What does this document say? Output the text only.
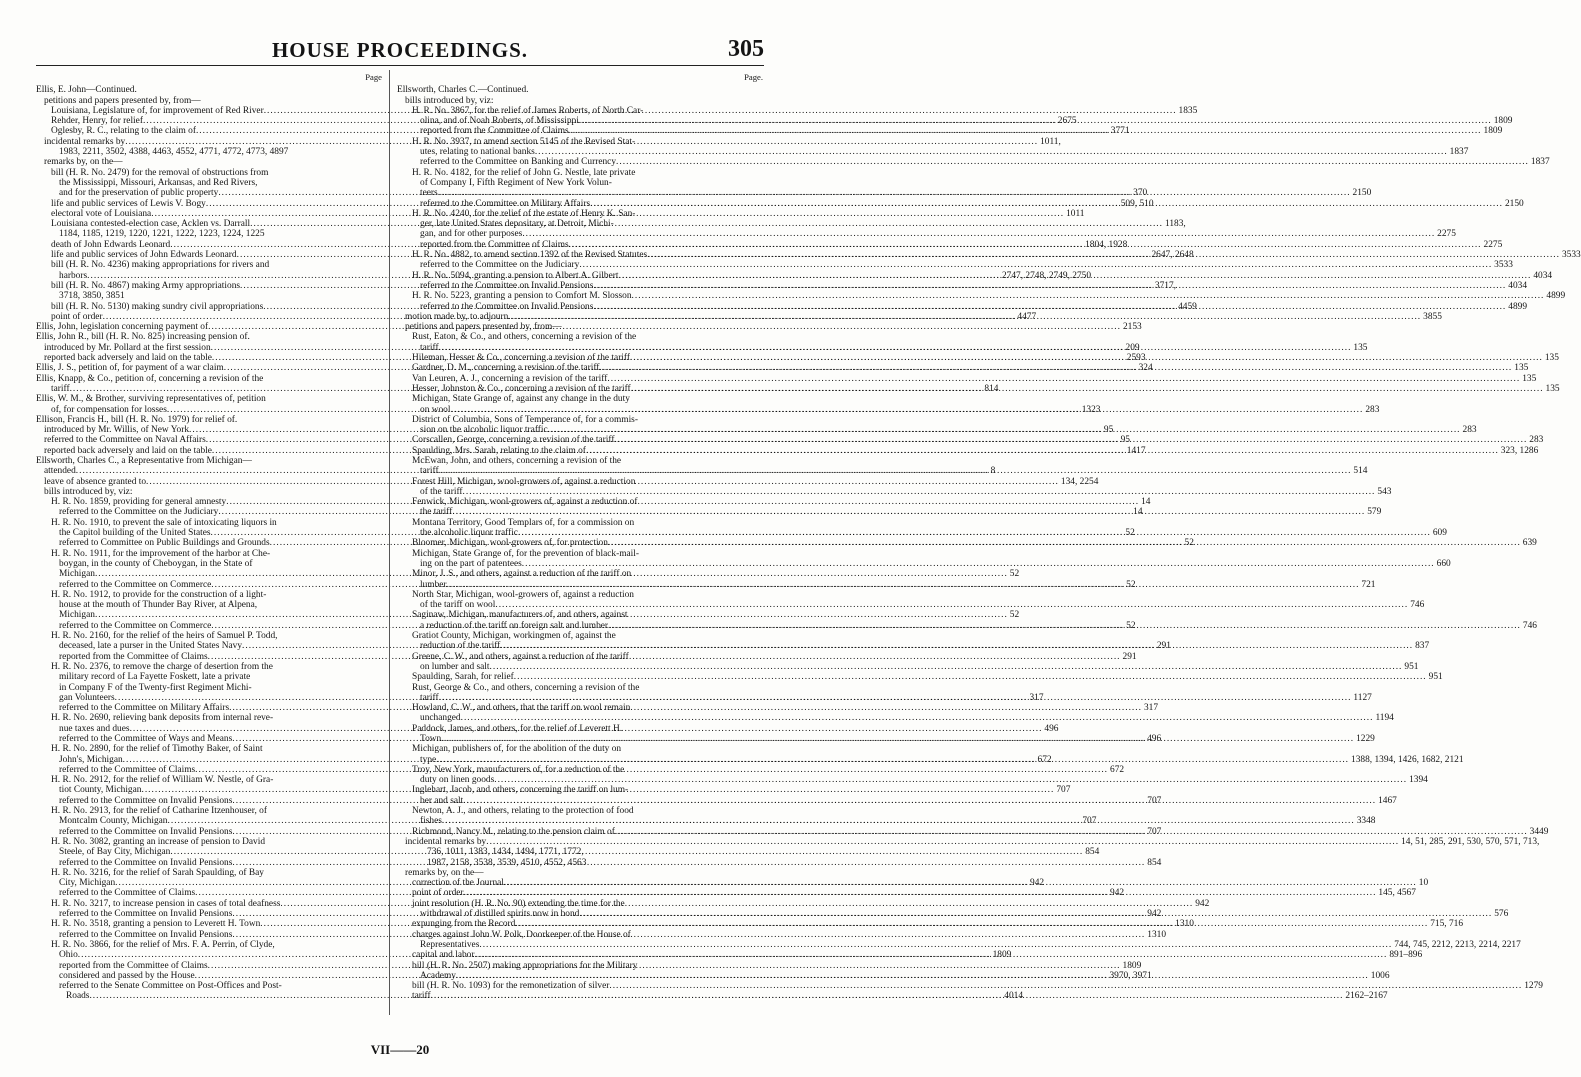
HOUSE PROCEEDINGS.	305
Page
Ellis, E. John—Continued.
petitions and papers presented by, from—
Louisiana, Legislature of, for improvement of Red River .....	1835
Rehder, Henry, for relief .....	2675
Oglesby, R. C., relating to the claim of .....	3771
incidental remarks by .....	1011,
1983, 2211, 3502, 4388, 4463, 4552, 4771, 4772, 4773, 4897
remarks by, on the—
bill (H. R. No. 2479) for the removal of obstructions from
the Mississippi, Missouri, Arkansas, and Red Rivers,
and for the preservation of public property .....	370
life and public services of Lewis V. Bogy .....	509, 510
electoral vote of Louisiana .....	1011
Louisiana contested-election case, Acklen vs. Darrall .....	1183,
1184, 1185, 1219, 1220, 1221, 1222, 1223, 1224, 1225
death of John Edwards Leonard .....	1804, 1928
life and public services of John Edwards Leonard .....	2647, 2648
bill (H. R. No. 4236) making appropriations for rivers and
harbors .....	2747, 2748, 2749, 2750
bill (H. R. No. 4867) making Army appropriations .....	3717,
3718, 3850, 3851
bill (H. R. No. 5130) making sundry civil appropriations .....	4459
point of order .....	4477
Ellis, John, legislation concerning payment of .....	2153
Ellis, John R., bill (H. R. No. 825) increasing pension of.
introduced by Mr. Pollard at the first session .....	209
reported back adversely and laid on the table .....	2593
Ellis, J. S., petition of, for payment of a war claim .....	324
Ellis, Knapp, & Co., petition of, concerning a revision of the
tariff .....	814
Ellis, W. M., & Brother, surviving representatives of, petition
of, for compensation for losses .....	1323
Ellison, Francis H., bill (H. R. No. 1979) for relief of.
introduced by Mr. Willis, of New York .....	95
referred to the Committee on Naval Affairs .....	95
reported back adversely and laid on the table .....	1417
Ellsworth, Charles C., a Representative from Michigan—
attended .....	8
leave of absence granted to .....	134, 2254
bills introduced by, viz:
H. R. No. 1859, providing for general amnesty .....	14
referred to the Committee on the Judiciary .....	14
H. R. No. 1910, to prevent the sale of intoxicating liquors in
the Capitol building of the United States .....	52
referred to Committee on Public Buildings and Grounds .....	52
H. R. No. 1911, for the improvement of the harbor at Che-
boygan, in the county of Cheboygan, in the State of
Michigan .....	52
referred to the Committee on Commerce .....	52
H. R. No. 1912, to provide for the construction of a light-
house at the mouth of Thunder Bay River, at Alpena,
Michigan .....	52
referred to the Committee on Commerce .....	52
H. R. No. 2160, for the relief of the heirs of Samuel P. Todd,
deceased, late a purser in the United States Navy .....	291
reported from the Committee of Claims .....	291
H. R. No. 2376, to remove the charge of desertion from the
military record of La Fayette Foskett, late a private
in Company F of the Twenty-first Regiment Michi-
gan Volunteers .....	317
referred to the Committee on Military Affairs .....	317
H. R. No. 2690, relieving bank deposits from internal reve-
nue taxes and dues .....	496
referred to the Committee of Ways and Means .....	496
H. R. No. 2890, for the relief of Timothy Baker, of Saint
John's, Michigan .....	672
referred to the Committee of Claims .....	672
H. R. No. 2912, for the relief of William W. Nestle, of Gra-
tiot County, Michigan .....	707
referred to the Committee on Invalid Pensions .....	707
H. R. No. 2913, for the relief of Catharine Itzenhouser, of
Montcalm County, Michigan .....	707
referred to the Committee on Invalid Pensions .....	707
H. R. No. 3082, granting an increase of pension to David
Steele, of Bay City, Michigan .....	854
referred to the Committee on Invalid Pensions .....	854
H. R. No. 3216, for the relief of Sarah Spaulding, of Bay
City, Michigan .....	942
referred to the Committee of Claims .....	942
H. R. No. 3217, to increase pension in cases of total deafness .....	942
referred to the Committee on Invalid Pensions .....	942
H. R. No. 3518, granting a pension to Leverett H. Town .....	1310
referred to the Committee on Invalid Pensions .....	1310
H. R. No. 3866, for the relief of Mrs. F. A. Perrin, of Clyde,
Ohio .....	1809
reported from the Committee of Claims .....	1809
considered and passed by the House .....	3970, 3971
referred to the Senate Committee on Post-Offices and Post-
Roads .....	4014
Page.
Ellsworth, Charles C.—Continued.
bills introduced by, viz:
H. R. No. 3867, for the relief of James Roberts, of North Car-
olina, and of Noah Roberts, of Mississippi .....	1809
reported from the Committee of Claims .....	1809
H. R. No. 3937, to amend section 5145 of the Revised Stat-
utes, relating to national banks .....	1837
referred to the Committee on Banking and Currency .....	1837
H. R. No. 4182, for the relief of John G. Nestle, late private
of Company I, Fifth Regiment of New York Volun-
teers .....	2150
referred to the Committee on Military Affairs .....	2150
H. R. No. 4240, for the relief of the estate of Henry K. San-
ger, late United States depositary, at Detroit, Michi-
gan, and for other purposes .....	2275
reported from the Committee of Claims .....	2275
H. R. No. 4882, to amend section 1392 of the Revised Statutes .....	3533
referred to the Committee on the Judiciary .....	3533
H. R. No. 5094, granting a pension to Albert A. Gilbert .....	4034
referred to the Committee on Invalid Pensions .....	4034
H. R. No. 5223, granting a pension to Comfort M. Slosson .....	4899
referred to the Committee on Invalid Pensions .....	4899
motion made by, to adjourn .....	3855
petitions and papers presented by, from—
Rust, Eaton, & Co., and others, concerning a revision of the
tariff .....	135
Hileman, Hesser & Co., concerning a revision of the tariff .....	135
Gardner, D. M., concerning a revision of the tariff .....	135
Van Leuren, A. J., concerning a revision of the tariff .....	135
Hesser, Johnston & Co., concerning a revision of the tariff .....	135
Michigan, State Grange of, against any change in the duty
on wool .....	283
District of Columbia, Sons of Temperance of, for a commis-
sion on the alcoholic liquor traffic .....	283
Corscallen, George, concerning a revision of the tariff .....	283
Spaulding, Mrs. Sarah, relating to the claim of .....	323, 1286
McEwan, John, and others, concerning a revision of the
tariff .....	514
Forest Hill, Michigan, wool-growers of, against a reduction
of the tariff .....	543
Fenwick, Michigan, wool-growers of, against a reduction of
the tariff .....	579
Montana Territory, Good Templars of, for a commission on
the alcoholic liquor traffic .....	609
Bloomer, Michigan, wool-growers of, for protection .....	639
Michigan, State Grange of, for the prevention of black-mail-
ing on the part of patentees .....	660
Minor, J. S., and others, against a reduction of the tariff on
lumber .....	721
North Star, Michigan, wool-growers of, against a reduction
of the tariff on wool .....	746
Saginaw, Michigan, manufacturers of, and others, against
a reduction of the tariff on foreign salt and lumber .....	746
Gratiot County, Michigan, workingmen of, against the
reduction of the tariff .....	837
Greene, C. W., and others, against a reduction of the tariff
on lumber and salt .....	951
Spaulding, Sarah, for relief .....	951
Rust, George & Co., and others, concerning a revision of the
tariff .....	1127
Howland, C. W., and others, that the tariff on wool remain
unchanged .....	1194
Paddock, James, and others, for the relief of Leverett H.
Town .....	1229
Michigan, publishers of, for the abolition of the duty on
type .....	1388, 1394, 1426, 1682, 2121
Troy, New York, manufacturers of, for a reduction of the
duty on linen goods .....	1394
Inglehart, Jacob, and others, concerning the tariff on lum-
ber and salt .....	1467
Newton, A. J., and others, relating to the protection of food
fishes .....	3348
Richmond, Nancy M., relating to the pension claim of .....	3449
incidental remarks by .....	14, 51, 285, 291, 530, 570, 571, 713,
736, 1011, 1383, 1434, 1494, 1771, 1772,
1987, 2158, 3538, 3539, 4510, 4552, 4563
remarks by, on the—
correction of the Journal .....	10
point of order .....	145, 4567
joint resolution (H. R. No. 90) extending the time for the
withdrawal of distilled spirits now in bond .....	576
expunging from the Record .....	715, 716
charges against John W. Polk, Doorkeeper of the House of
Representatives .....	744, 745, 2212, 2213, 2214, 2217
capital and labor .....	891–896
bill (H. R. No. 2507) making appropriations for the Military
Academy .....	1006
bill (H. R. No. 1093) for the remonetization of silver .....	1279
tariff .....	2162–2167
VII——20
